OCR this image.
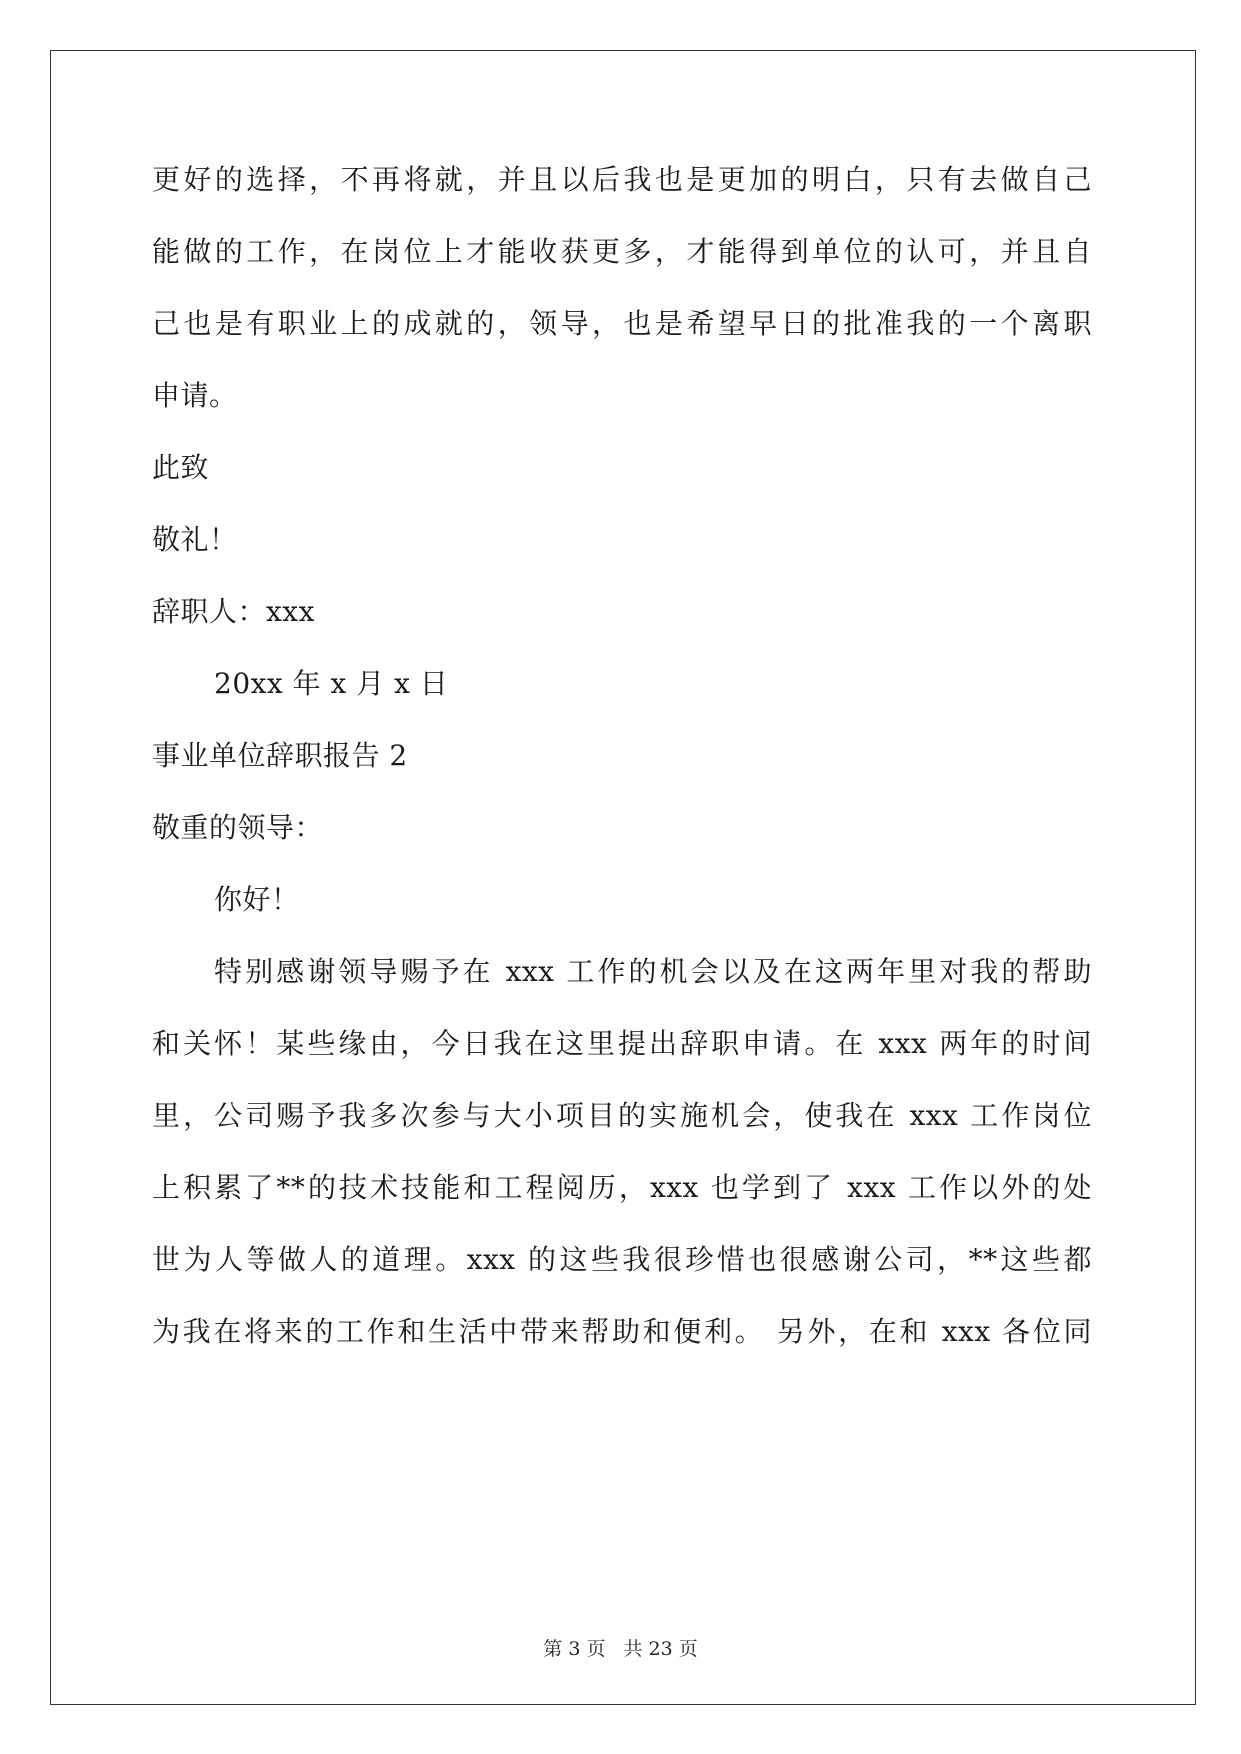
更好的选择，不再将就，并且以后我也是更加的明白，只有去做自己
能做的工作，在岗位上才能收获更多，才能得到单位的认可，并且自
己也是有职业上的成就的，领导，也是希望早日的批准我的一个离职
申请。
此致
敬礼！
辞职人：xxx
20xx 年 x 月 x 日
事业单位辞职报告 2
敬重的领导：
你好！
特别感谢领导赐予在 xxx 工作的机会以及在这两年里对我的帮助
和关怀！某些缘由，今日我在这里提出辞职申请。在 xxx 两年的时间
里，公司赐予我多次参与大小项目的实施机会，使我在 xxx 工作岗位
上积累了**的技术技能和工程阅历，xxx 也学到了 xxx 工作以外的处
世为人等做人的道理。xxx 的这些我很珍惜也很感谢公司，**这些都
为我在将来的工作和生活中带来帮助和便利。 另外，在和 xxx 各位同
第 3 页 共 23 页
